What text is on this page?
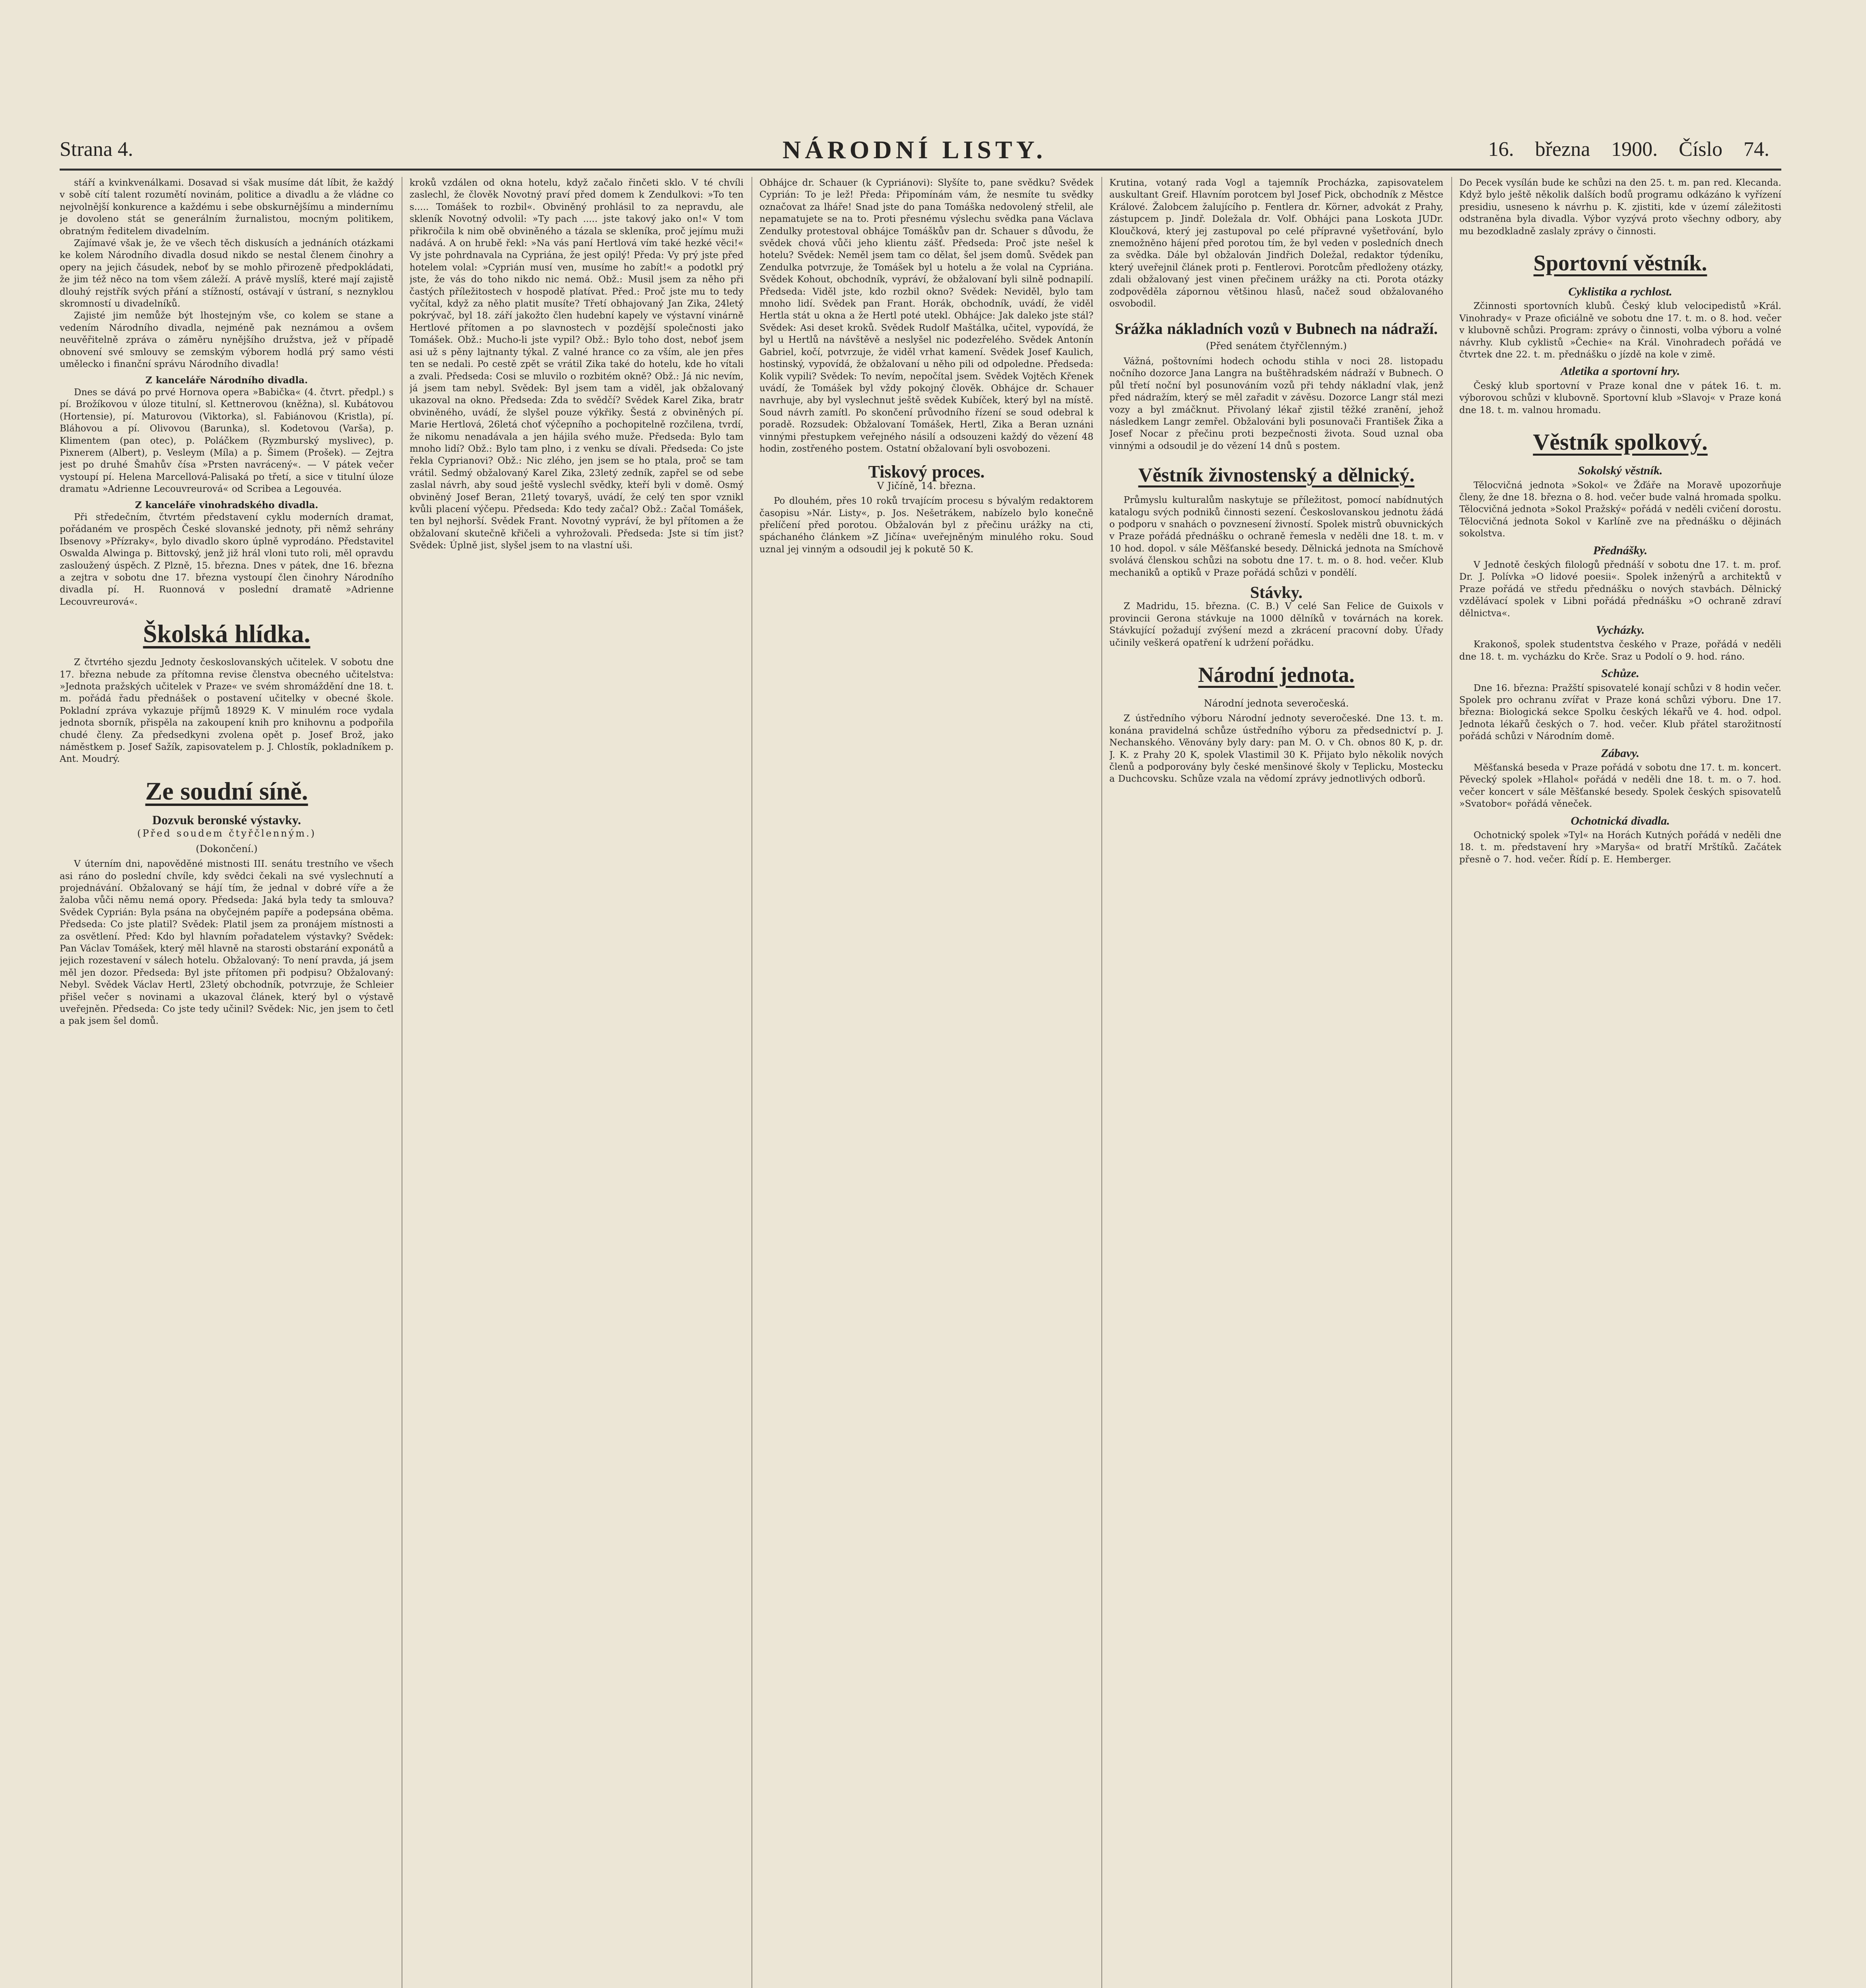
Strana 4.	NÁRODNÍ LISTY.	16. března 1900. Číslo 74.

stáří a kvinkvenálkami. Dosavad si však musíme dát líbit, že každý v sobě cítí talent rozumětí novinám, politice a divadlu a že vládne co nejvolnější konkurence a každému i sebe obskurnějšímu a mindernímu je dovoleno stát se generálním žurnalistou, mocným politikem, obratným ředitelem divadelním.

Zajímavé však je, že ve všech těch diskusích a jednáních otázkami ke kolem Národního divadla dosud nikdo se nestal členem činohry a opery na jejich čásudek, neboť by se mohlo přirozeně předpokládati, že jim též něco na tom všem záleží. A právě myslíš, které mají zajistě dlouhý rejstřík svých přání a stížností, ostávají v ústraní, s neznyklou skromností u divadelníků.

Zajisté jim nemůže být lhostejným vše, co kolem se stane a vedením Národního divadla, nejméně pak neznámou a ovšem neuvěřitelně zpráva o záměru nynějšího družstva, jež v případě obnovení své smlouvy se zemským výborem hodlá prý samo vésti umělecko i finanční správu Národního divadla!

Z kanceláře Národního divadla.

Dnes se dává po prvé Hornova opera »Babička« (4. čtvrt. předpl.) s pí. Brožíkovou v úloze titulní, sl. Kettnerovou (kněžna), sl. Kubátovou (Hortensie), pí. Maturovou (Viktorka), sl. Fabiánovou (Kristla), pí. Bláhovou a pí. Olivovou (Barunka), sl. Kodetovou (Varša), p. Klimentem (pan otec), p. Poláčkem (Ryzmburský myslivec), p. Pixnerem (Albert), p. Vesleym (Míla) a p. Šimem (Prošek). — Zejtra jest po druhé Šmahův čísa »Prsten navrácený«. — V pátek večer vystoupí pí. Helena Marcellová-Palisaká po třetí, a sice v titulní úloze dramatu »Adrienne Lecouvreurová« od Scribea a Legouvéa.

Z kanceláře vinohradského divadla.

Při středečním, čtvrtém představení cyklu moderních dramat, pořádaném ve prospěch České slovanské jednoty, při němž sehrány Ibsenovy »Přízraky«, bylo divadlo skoro úplně vyprodáno. Představitel Oswalda Alwinga p. Bittovský, jenž již hrál vloni tuto roli, měl opravdu zasloužený úspěch. Z Plzně, 15. března. Dnes v pátek, dne 16. března a zejtra v sobotu dne 17. března vystoupí člen činohry Národního divadla pí. H. Ruonnová v poslední dramatě »Adrienne Lecouvreurová«.

Školská hlídka.

Z čtvrtého sjezdu Jednoty českoslovanských učitelek. V sobotu dne 17. března nebude za přítomna revise členstva obecného učitelstva: »Jednota pražských učitelek v Praze« ve svém shromáždění dne 18. t. m. pořádá řadu přednášek o postavení učitelky v obecné škole. Pokladní zpráva vykazuje příjmů 18929 K. V minulém roce vydala jednota sborník, přispěla na zakoupení knih pro knihovnu a podpořila chudé členy. Za předsedkyni zvolena opět p. Josef Brož, jako náměstkem p. Josef Sažík, zapisovatelem p. J. Chlostík, pokladníkem p. Ant. Moudrý.

Ze soudní síně.
Dozvuk beronské výstavky.
(Před soudem čtyřčlenným.)
(Dokončení.)

V úterním dni, napověděné mistnosti III. senátu trestního ve všech asi ráno do poslední chvíle, kdy svědci čekali na své vyslechnutí a projednávání. Obžalovaný se hájí tím, že jednal v dobré víře a že žaloba vůči němu nemá opory. Předseda: Jaká byla tedy ta smlouva? Svědek Cyprián: Byla psána na obyčejném papíře a podepsána oběma. Předseda: Co jste platil? Svědek: Platil jsem za pronájem místnosti a za osvětlení. Před: Kdo byl hlavním pořadatelem výstavky? Svědek: Pan Václav Tomášek, který měl hlavně na starosti obstarání exponátů a jejich rozestavení v sálech hotelu. Obžalovaný: To není pravda, já jsem měl jen dozor. Předseda: Byl jste přítomen při podpisu? Obžalovaný: Nebyl. Svědek Václav Hertl, 23letý obchodník, potvrzuje, že Schleier přišel večer s novinami a ukazoval článek, který byl o výstavě uveřejněn. Předseda: Co jste tedy učinil? Svědek: Nic, jen jsem to četl a pak jsem šel domů.

kroků vzdálen od okna hotelu, když začalo řinčeti sklo. V té chvíli zaslechl, že člověk Novotný praví před domem k Zendulkovi: »To ten s..... Tomášek to rozbil«. Obviněný prohlásil to za nepravdu, ale skleník Novotný odvolil: »Ty pach ..... jste takový jako on!« V tom přikročila k nim obě obviněného a tázala se skleníka, proč jejímu muži nadává. A on hrubě řekl: »Na vás paní Hertlová vím také hezké věci!« Vy jste pohrdnavala na Cypriána, že jest opilý! Předa: Vy prý jste před hotelem volal: »Cyprián musí ven, musíme ho zabít!« a podotkl prý jste, že vás do toho nikdo nic nemá. Obž.: Musil jsem za něho při častých příležitostech v hospodě platívat. Před.: Proč jste mu to tedy vyčítal, když za něho platit musíte? Třetí obhajovaný Jan Zika, 24letý pokrývač, byl 18. září jakožto člen hudební kapely ve výstavní vinárně Hertlové přítomen a po slavnostech v pozdější společnosti jako Tomášek. Obž.: Mucho-li jste vypil? Obž.: Bylo toho dost, neboť jsem asi už s pěny lajtnanty týkal. Z valné hrance co za vším, ale jen přes ten se nedali. Po cestě zpět se vrátil Zika také do hotelu, kde ho vítali a zvali. Předseda: Cosi se mluvilo o rozbitém okně? Obž.: Já nic nevím, já jsem tam nebyl. Svědek: Byl jsem tam a viděl, jak obžalovaný ukazoval na okno. Předseda: Zda to svědčí? Svědek Karel Zika, bratr obviněného, uvádí, že slyšel pouze výkřiky. Šestá z obviněných pí. Marie Hertlová, 26letá choť výčepního a pochopitelně rozčilena, tvrdí, že nikomu nenadávala a jen hájila svého muže. Předseda: Bylo tam mnoho lidí? Obž.: Bylo tam plno, i z venku se dívali. Předseda: Co jste řekla Cyprianovi? Obž.: Nic zlého, jen jsem se ho ptala, proč se tam vrátil. Sedmý obžalovaný Karel Zika, 23letý zedník, zapřel se od sebe zaslal návrh, aby soud ještě vyslechl svědky, kteří byli v domě. Osmý obviněný Josef Beran, 21letý tovaryš, uvádí, že celý ten spor vznikl kvůli placení výčepu. Předseda: Kdo tedy začal? Obž.: Začal Tomášek, ten byl nejhorší. Svědek Frant. Novotný vypráví, že byl přítomen a že obžalovaní skutečně křičeli a vyhrožovali. Předseda: Jste si tím jist? Svědek: Úplně jist, slyšel jsem to na vlastní uši.

Obhájce dr. Schauer (k Cypriánovi): Slyšíte to, pane svědku? Svědek Cyprián: To je lež! Předa: Připomínám vám, že nesmíte tu svědky označovat za lháře! Snad jste do pana Tomáška nedovolený střelil, ale nepamatujete se na to. Proti přesnému výslechu svědka pana Václava Zendulky protestoval obhájce Tomáškův pan dr. Schauer s důvodu, že svědek chová vůči jeho klientu zášť. Předseda: Proč jste nešel k hotelu? Svědek: Neměl jsem tam co dělat, šel jsem domů. Svědek pan Zendulka potvrzuje, že Tomášek byl u hotelu a že volal na Cypriána. Svědek Kohout, obchodník, vypráví, že obžalovaní byli silně podnapilí. Předseda: Viděl jste, kdo rozbil okno? Svědek: Neviděl, bylo tam mnoho lidí. Svědek pan Frant. Horák, obchodník, uvádí, že viděl Hertla stát u okna a že Hertl poté utekl. Obhájce: Jak daleko jste stál? Svědek: Asi deset kroků. Svědek Rudolf Maštálka, učitel, vypovídá, že byl u Hertlů na návštěvě a neslyšel nic podezřelého. Svědek Antonín Gabriel, kočí, potvrzuje, že viděl vrhat kamení. Svědek Josef Kaulich, hostinský, vypovídá, že obžalovaní u něho pili od odpoledne. Předseda: Kolik vypili? Svědek: To nevím, nepočítal jsem. Svědek Vojtěch Křenek uvádí, že Tomášek byl vždy pokojný člověk. Obhájce dr. Schauer navrhuje, aby byl vyslechnut ještě svědek Kubíček, který byl na místě. Soud návrh zamítl. Po skončení průvodního řízení se soud odebral k poradě. Rozsudek: Obžalovaní Tomášek, Hertl, Zika a Beran uznáni vinnými přestupkem veřejného násilí a odsouzeni každý do vězení 48 hodin, zostřeného postem. Ostatní obžalovaní byli osvobozeni.

Tiskový proces.
V Jičíně, 14. března.

Po dlouhém, přes 10 roků trvajícím procesu s bývalým redaktorem časopisu »Nár. Listy«, p. Jos. Nešetrákem, nabízelo bylo konečně přelíčení před porotou. Obžalován byl z přečinu urážky na cti, spáchaného článkem »Z Jičína« uveřejněným minulého roku. Soud uznal jej vinným a odsoudil jej k pokutě 50 K.

Krutina, votaný rada Vogl a tajemník Procházka, zapisovatelem auskultant Greif. Hlavním porotcem byl Josef Pick, obchodník z Městce Králové. Žalobcem žalujícího p. Fentlera dr. Körner, advokát z Prahy, zástupcem p. Jindř. Doležala dr. Volf. Obhájci pana Loskota JUDr. Kloučková, který jej zastupoval po celé přípravné vyšetřování, bylo znemožněno hájení před porotou tím, že byl veden v posledních dnech za svědka. Dále byl obžalován Jindřich Doležal, redaktor týdeníku, který uveřejnil článek proti p. Fentlerovi. Porotcům předloženy otázky, zdali obžalovaný jest vinen přečinem urážky na cti. Porota otázky zodpověděla zápornou většinou hlasů, načež soud obžalovaného osvobodil.

Srážka nákladních vozů v Bubnech na nádraží.
(Před senátem čtyřčlenným.)

Vážná, poštovními hodech ochodu stihla v noci 28. listopadu nočního dozorce Jana Langra na buštěhradském nádraží v Bubnech. O půl třetí noční byl posunováním vozů při tehdy nákladní vlak, jenž před nádražím, který se měl zařadit v závěsu. Dozorce Langr stál mezi vozy a byl zmáčknut. Přivolaný lékař zjistil těžké zranění, jehož následkem Langr zemřel. Obžalováni byli posunovači František Žika a Josef Nocar z přečinu proti bezpečnosti života. Soud uznal oba vinnými a odsoudil je do vězení 14 dnů s postem.

Věstník živnostenský a dělnický.

Průmyslu kulturalům naskytuje se příležitost, pomocí nabídnutých katalogu svých podniků činnosti sezení. Českoslovanskou jednotu žádá o podporu v snahách o povznesení živností. Spolek mistrů obuvnických v Praze pořádá přednášku o ochraně řemesla v neděli dne 18. t. m. v 10 hod. dopol. v sále Měšťanské besedy. Dělnická jednota na Smíchově svolává členskou schůzi na sobotu dne 17. t. m. o 8. hod. večer. Klub mechaniků a optiků v Praze pořádá schůzi v pondělí.

Stávky.

Z Madridu, 15. března. (C. B.) V celé San Felice de Guixols v provincii Gerona stávkuje na 1000 dělníků v továrnách na korek. Stávkující požadují zvýšení mezd a zkrácení pracovní doby. Úřady učinily veškerá opatření k udržení pořádku.

Národní jednota.
Národní jednota severočeská.

Z ústředního výboru Národní jednoty severočeské. Dne 13. t. m. konána pravidelná schůze ústředního výboru za předsednictví p. J. Nechanského. Věnovány byly dary: pan M. O. v Ch. obnos 80 K, p. dr. J. K. z Prahy 20 K, spolek Vlastimil 30 K. Přijato bylo několik nových členů a podporovány byly české menšinové školy v Teplicku, Mostecku a Duchcovsku. Schůze vzala na vědomí zprávy jednotlivých odborů.

Do Pecek vysílán bude ke schůzi na den 25. t. m. pan red. Klecanda. Když bylo ještě několik dalších bodů programu odkázáno k vyřízení presidiu, usneseno k návrhu p. K. zjistiti, kde v území záležitosti odstraněna byla divadla. Výbor vyzývá proto všechny odbory, aby mu bezodkladně zaslaly zprávy o činnosti.

Sportovní věstník.
Cyklistika a rychlost.

Zčinnosti sportovních klubů. Český klub velocipedistů »Král. Vinohrady« v Praze oficiálně ve sobotu dne 17. t. m. o 8. hod. večer v klubovně schůzi. Program: zprávy o činnosti, volba výboru a volné návrhy. Klub cyklistů »Čechie« na Král. Vinohradech pořádá ve čtvrtek dne 22. t. m. přednášku o jízdě na kole v zimě.

Atletika a sportovní hry.

Český klub sportovní v Praze konal dne v pátek 16. t. m. výborovou schůzi v klubovně. Sportovní klub »Slavoj« v Praze koná dne 18. t. m. valnou hromadu.

Věstník spolkový.
Sokolský věstník.

Tělocvičná jednota »Sokol« ve Žďáře na Moravě upozorňuje členy, že dne 18. března o 8. hod. večer bude valná hromada spolku. Tělocvičná jednota »Sokol Pražský« pořádá v neděli cvičení dorostu. Tělocvičná jednota Sokol v Karlíně zve na přednášku o dějinách sokolstva.

Přednášky.

V Jednotě českých filologů přednáší v sobotu dne 17. t. m. prof. Dr. J. Polívka »O lidové poesii«. Spolek inženýrů a architektů v Praze pořádá ve středu přednášku o nových stavbách. Dělnický vzdělávací spolek v Libni pořádá přednášku »O ochraně zdraví dělnictva«.

Vycházky.

Krakonoš, spolek studentstva českého v Praze, pořádá v neděli dne 18. t. m. vycházku do Krče. Sraz u Podolí o 9. hod. ráno.

Schůze.

Dne 16. března: Pražští spisovatelé konají schůzi v 8 hodin večer. Spolek pro ochranu zvířat v Praze koná schůzi výboru. Dne 17. března: Biologická sekce Spolku českých lékařů ve 4. hod. odpol. Jednota lékařů českých o 7. hod. večer. Klub přátel starožitností pořádá schůzi v Národním domě.

Zábavy.

Měšťanská beseda v Praze pořádá v sobotu dne 17. t. m. koncert. Pěvecký spolek »Hlahol« pořádá v neděli dne 18. t. m. o 7. hod. večer koncert v sále Měšťanské besedy. Spolek českých spisovatelů »Svatobor« pořádá věneček.

Ochotnická divadla.

Ochotnický spolek »Tyl« na Horách Kutných pořádá v neděli dne 18. t. m. představení hry »Maryša« od bratří Mrštíků. Začátek přesně o 7. hod. večer. Řídí p. E. Hemberger.
